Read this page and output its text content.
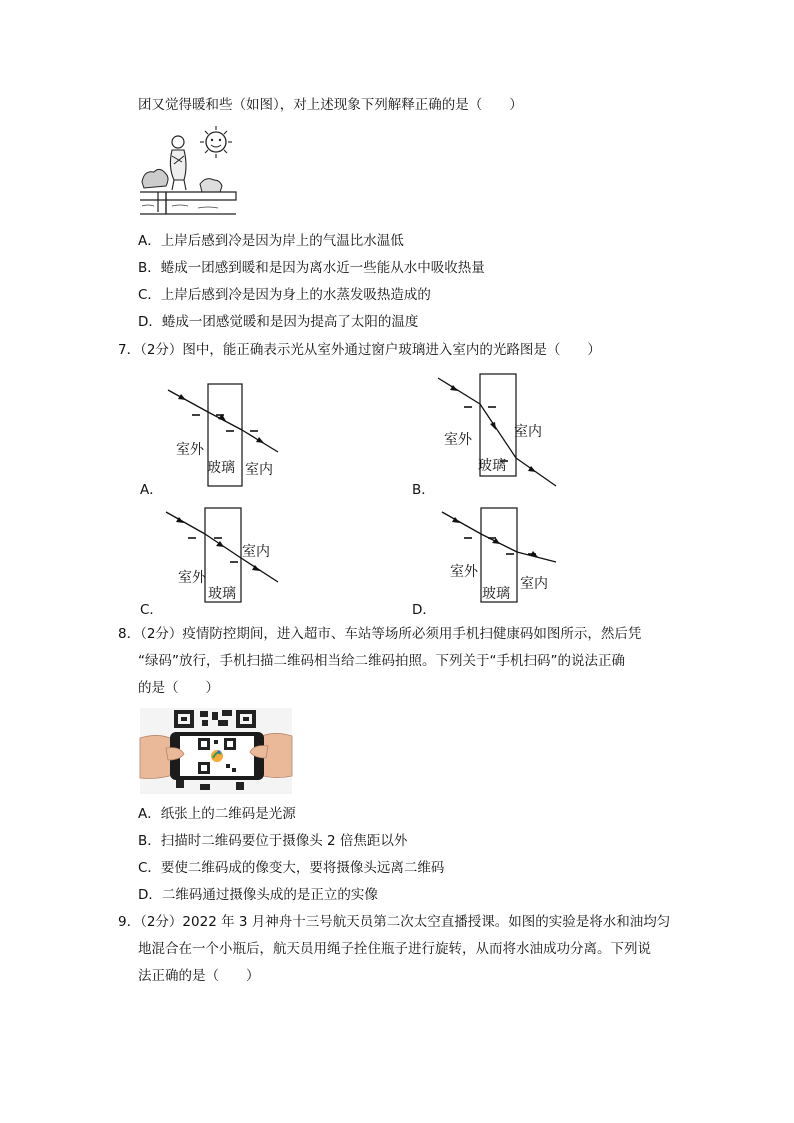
团又觉得暖和些（如图），对上述现象下列解释正确的是（　　）
A．上岸后感到冷是因为岸上的气温比水温低
B．蜷成一团感到暖和是因为离水近一些能从水中吸收热量
C．上岸后感到冷是因为身上的水蒸发吸热造成的
D．蜷成一团感觉暖和是因为提高了太阳的温度
7．（2分）图中，能正确表示光从室外通过窗户玻璃进入室内的光路图是（　　）
室外
玻璃 室内
A．
室外
玻璃
室内
B．
室外
玻璃
室内
C．
室外
玻璃
室内
D．
8．（2分）疫情防控期间，进入超市、车站等场所必须用手机扫健康码如图所示，然后凭
“绿码”放行，手机扫描二维码相当给二维码拍照。下列关于“手机扫码”的说法正确
的是（　　）
A．纸张上的二维码是光源
B．扫描时二维码要位于摄像头 2 倍焦距以外
C．要使二维码成的像变大，要将摄像头远离二维码
D．二维码通过摄像头成的是正立的实像
9．（2分）2022 年 3 月神舟十三号航天员第二次太空直播授课。如图的实验是将水和油均匀
地混合在一个小瓶后，航天员用绳子拴住瓶子进行旋转，从而将水油成功分离。下列说
法正确的是（　　）
